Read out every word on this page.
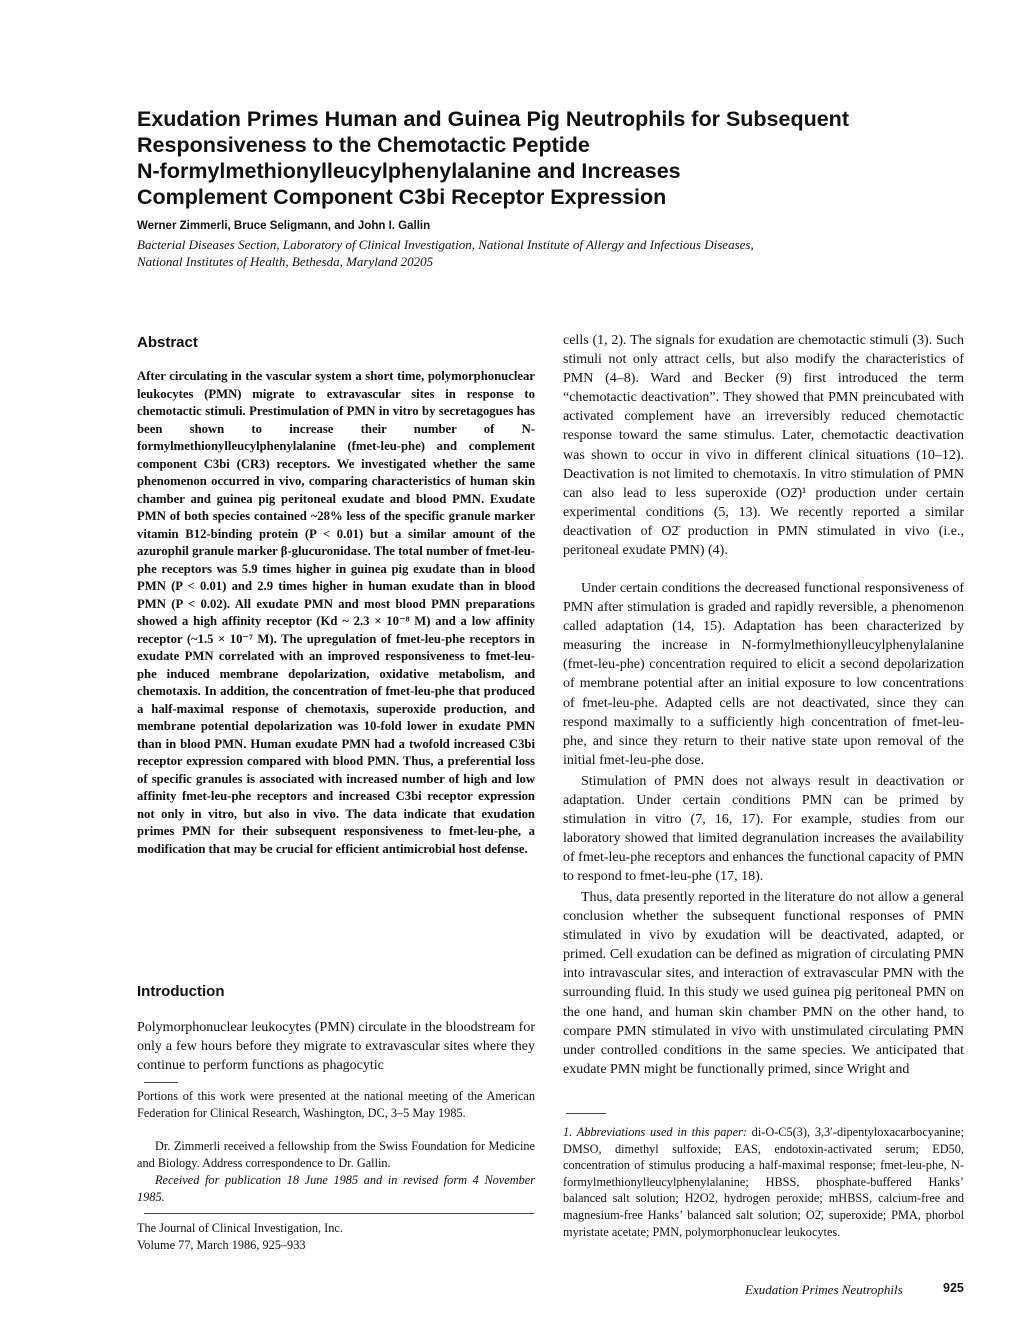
Exudation Primes Human and Guinea Pig Neutrophils for Subsequent
Responsiveness to the Chemotactic Peptide
N-formylmethionylleucylphenylalanine and Increases
Complement Component C3bi Receptor Expression
Werner Zimmerli, Bruce Seligmann, and John I. Gallin
Bacterial Diseases Section, Laboratory of Clinical Investigation, National Institute of Allergy and Infectious Diseases,
National Institutes of Health, Bethesda, Maryland 20205
Abstract

After circulating in the vascular system a short time, polymorphonuclear leukocytes (PMN) migrate to extravascular sites in response to chemotactic stimuli. Prestimulation of PMN in vitro by secretagogues has been shown to increase their number of N-formylmethionylleucylphenylalanine (fmet-leu-phe) and complement component C3bi (CR3) receptors. We investigated whether the same phenomenon occurred in vivo, comparing characteristics of human skin chamber and guinea pig peritoneal exudate and blood PMN. Exudate PMN of both species contained ~28% less of the specific granule marker vitamin B12-binding protein (P < 0.01) but a similar amount of the azurophil granule marker β-glucuronidase. The total number of fmet-leu-phe receptors was 5.9 times higher in guinea pig exudate than in blood PMN (P < 0.01) and 2.9 times higher in human exudate than in blood PMN (P < 0.02). All exudate PMN and most blood PMN preparations showed a high affinity receptor (Kd ~ 2.3 × 10⁻⁸ M) and a low affinity receptor (~1.5 × 10⁻⁷ M). The upregulation of fmet-leu-phe receptors in exudate PMN correlated with an improved responsiveness to fmet-leu-phe induced membrane depolarization, oxidative metabolism, and chemotaxis. In addition, the concentration of fmet-leu-phe that produced a half-maximal response of chemotaxis, superoxide production, and membrane potential depolarization was 10-fold lower in exudate PMN than in blood PMN. Human exudate PMN had a twofold increased C3bi receptor expression compared with blood PMN. Thus, a preferential loss of specific granules is associated with increased number of high and low affinity fmet-leu-phe receptors and increased C3bi receptor expression not only in vitro, but also in vivo. The data indicate that exudation primes PMN for their subsequent responsiveness to fmet-leu-phe, a modification that may be crucial for efficient antimicrobial host defense.

Introduction

Polymorphonuclear leukocytes (PMN) circulate in the bloodstream for only a few hours before they migrate to extravascular sites where they continue to perform functions as phagocytic

Portions of this work were presented at the national meeting of the American Federation for Clinical Research, Washington, DC, 3–5 May 1985.

Dr. Zimmerli received a fellowship from the Swiss Foundation for Medicine and Biology. Address correspondence to Dr. Gallin.

Received for publication 18 June 1985 and in revised form 4 November 1985.

The Journal of Clinical Investigation, Inc.
Volume 77, March 1986, 925–933

cells (1, 2). The signals for exudation are chemotactic stimuli (3). Such stimuli not only attract cells, but also modify the characteristics of PMN (4–8). Ward and Becker (9) first introduced the term “chemotactic deactivation”. They showed that PMN preincubated with activated complement have an irreversibly reduced chemotactic response toward the same stimulus. Later, chemotactic deactivation was shown to occur in vivo in different clinical situations (10–12). Deactivation is not limited to chemotaxis. In vitro stimulation of PMN can also lead to less superoxide (O2̄)¹ production under certain experimental conditions (5, 13). We recently reported a similar deactivation of O2̄ production in PMN stimulated in vivo (i.e., peritoneal exudate PMN) (4).

Under certain conditions the decreased functional responsiveness of PMN after stimulation is graded and rapidly reversible, a phenomenon called adaptation (14, 15). Adaptation has been characterized by measuring the increase in N-formylmethionylleucylphenylalanine (fmet-leu-phe) concentration required to elicit a second depolarization of membrane potential after an initial exposure to low concentrations of fmet-leu-phe. Adapted cells are not deactivated, since they can respond maximally to a sufficiently high concentration of fmet-leu-phe, and since they return to their native state upon removal of the initial fmet-leu-phe dose.

Stimulation of PMN does not always result in deactivation or adaptation. Under certain conditions PMN can be primed by stimulation in vitro (7, 16, 17). For example, studies from our laboratory showed that limited degranulation increases the availability of fmet-leu-phe receptors and enhances the functional capacity of PMN to respond to fmet-leu-phe (17, 18).

Thus, data presently reported in the literature do not allow a general conclusion whether the subsequent functional responses of PMN stimulated in vivo by exudation will be deactivated, adapted, or primed. Cell exudation can be defined as migration of circulating PMN into intravascular sites, and interaction of extravascular PMN with the surrounding fluid. In this study we used guinea pig peritoneal PMN on the one hand, and human skin chamber PMN on the other hand, to compare PMN stimulated in vivo with unstimulated circulating PMN under controlled conditions in the same species. We anticipated that exudate PMN might be functionally primed, since Wright and

1. Abbreviations used in this paper: di-O-C5(3), 3,3′-dipentyloxacarbocyanine; DMSO, dimethyl sulfoxide; EAS, endotoxin-activated serum; ED50, concentration of stimulus producing a half-maximal response; fmet-leu-phe, N-formylmethionylleucylphenylalanine; HBSS, phosphate-buffered Hanks’ balanced salt solution; H2O2, hydrogen peroxide; mHBSS, calcium-free and magnesium-free Hanks’ balanced salt solution; O2̄, superoxide; PMA, phorbol myristate acetate; PMN, polymorphonuclear leukocytes.

Exudation Primes Neutrophils	925
